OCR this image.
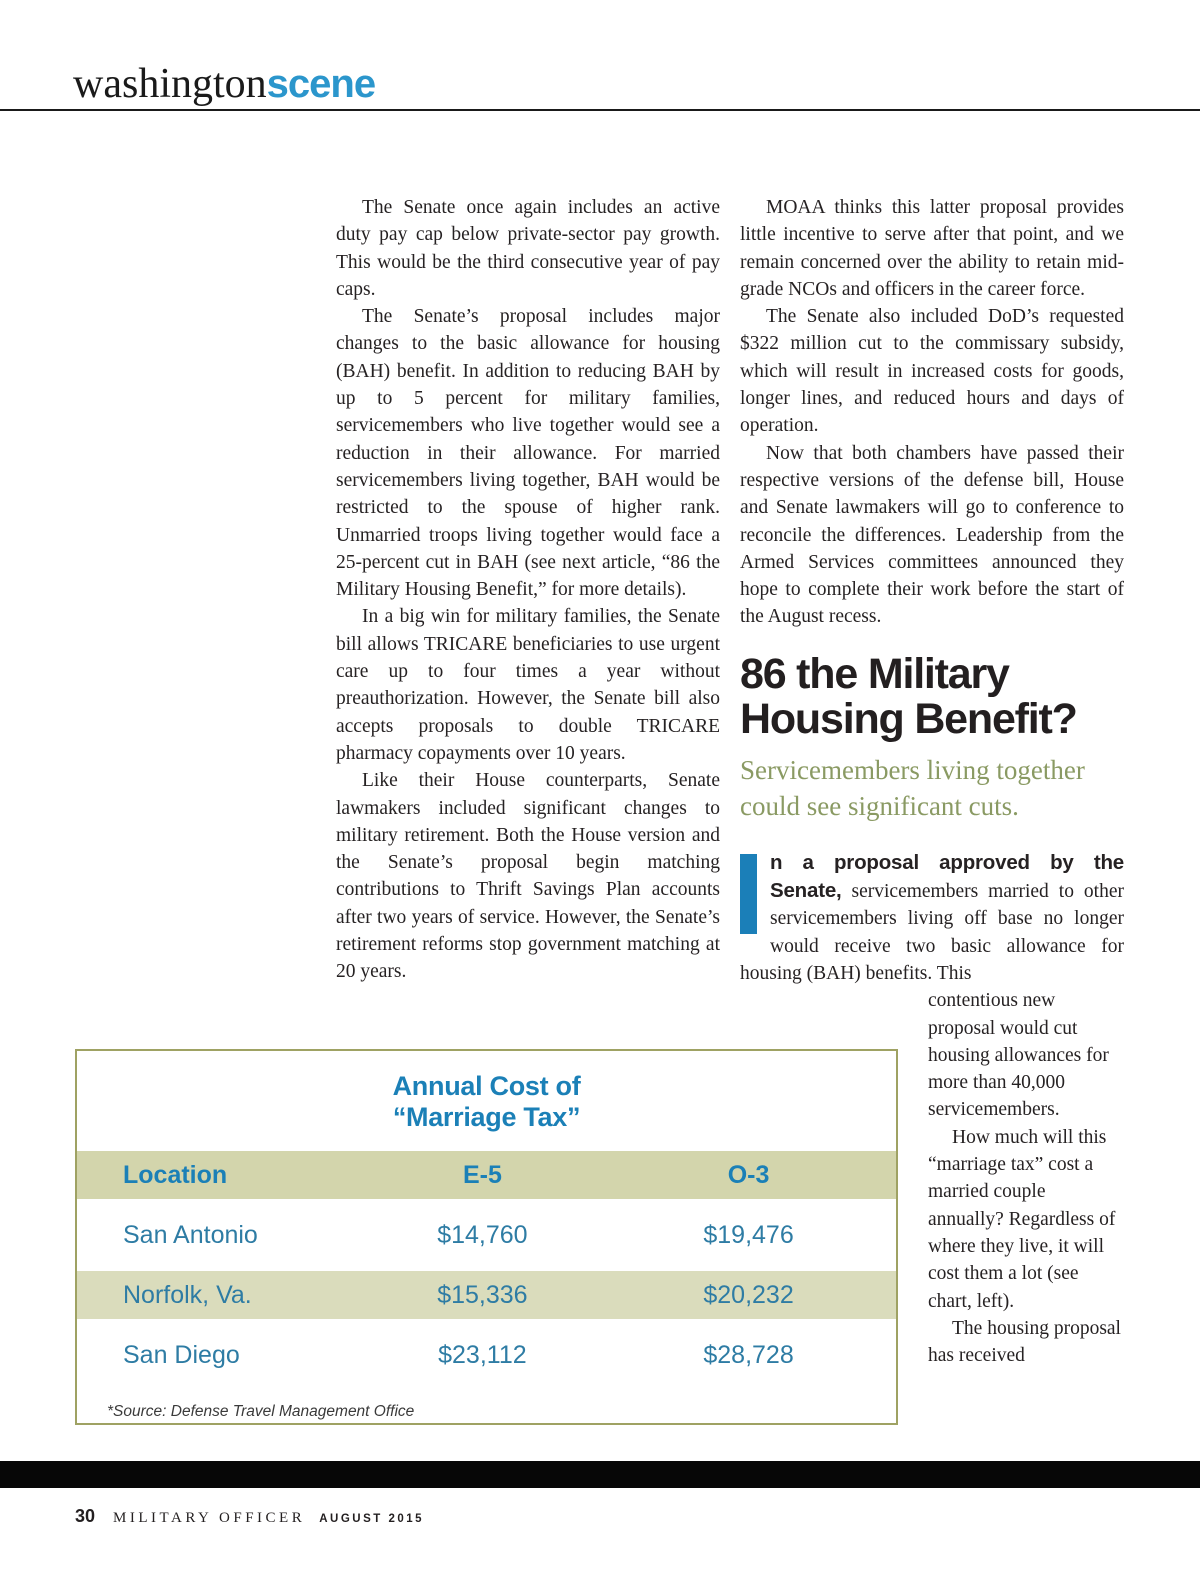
washingtonscene

The Senate once again includes an active duty pay cap below private-sector pay growth. This would be the third consecutive year of pay caps.

The Senate’s proposal includes major changes to the basic allowance for housing (BAH) benefit. In addition to reducing BAH by up to 5 percent for military families, servicemembers who live together would see a reduction in their allowance. For married servicemembers living together, BAH would be restricted to the spouse of higher rank. Unmarried troops living together would face a 25-percent cut in BAH (see next article, “86 the Military Housing Benefit,” for more details).

In a big win for military families, the Senate bill allows TRICARE beneficiaries to use urgent care up to four times a year without preauthorization. However, the Senate bill also accepts proposals to double TRICARE pharmacy copayments over 10 years.

Like their House counterparts, Senate lawmakers included significant changes to military retirement. Both the House version and the Senate’s proposal begin matching contributions to Thrift Savings Plan accounts after two years of service. However, the Senate’s retirement reforms stop government matching at 20 years.

MOAA thinks this latter proposal provides little incentive to serve after that point, and we remain concerned over the ability to retain mid-grade NCOs and officers in the career force.

The Senate also included DoD’s requested $322 million cut to the commissary subsidy, which will result in increased costs for goods, longer lines, and reduced hours and days of operation.

Now that both chambers have passed their respective versions of the defense bill, House and Senate lawmakers will go to conference to reconcile the differences. Leadership from the Armed Services committees announced they hope to complete their work before the start of the August recess.

86 the Military Housing Benefit?
Servicemembers living together could see significant cuts.
n a proposal approved by the Senate, servicemembers married to other servicemembers living off base no longer would receive two basic allowance for housing (BAH) benefits. This

contentious new proposal would cut housing allowances for more than 40,000 servicemembers.

How much will this “marriage tax” cost a married couple annually? Regardless of where they live, it will cost them a lot (see chart, left).

The housing proposal has received

Annual Cost of
“Marriage Tax”
Location	E-5	O-3
San Antonio	$14,760	$19,476
Norfolk, Va.	$15,336	$20,232
San Diego	$23,112	$28,728
*Source: Defense Travel Management Office
30 MILITARY OFFICER AUGUST 2015
